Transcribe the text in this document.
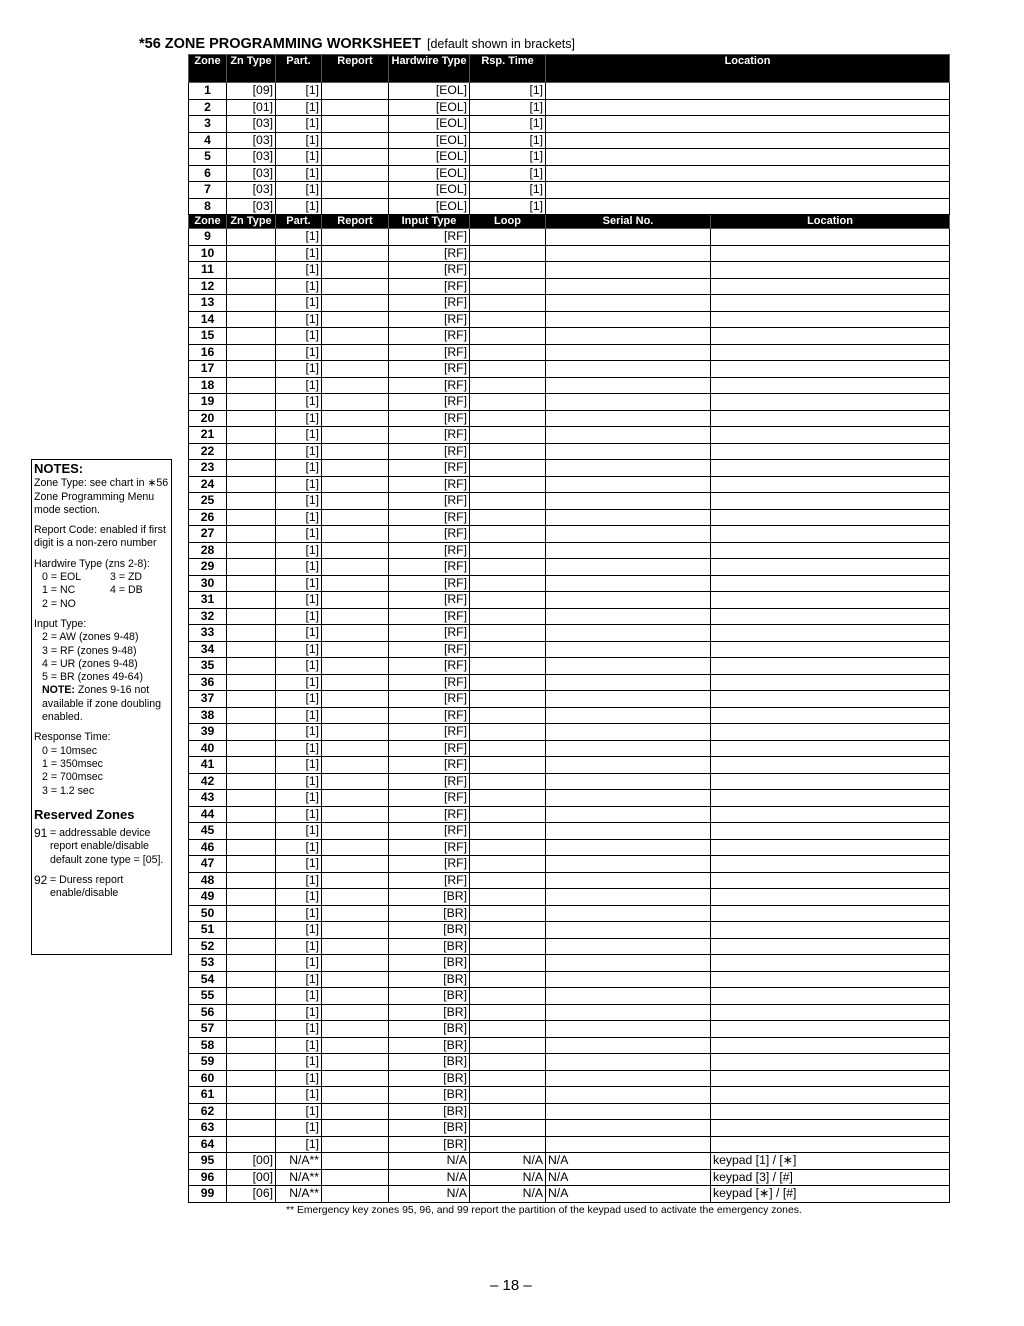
*56 ZONE PROGRAMMING WORKSHEET [default shown in brackets]
Zone	Zn Type	Part.	Report	Hardwire Type	Rsp. Time	Location	
1	[09]	[1]		[EOL]	[1]		
2	[01]	[1]		[EOL]	[1]		
3	[03]	[1]		[EOL]	[1]		
4	[03]	[1]		[EOL]	[1]		
5	[03]	[1]		[EOL]	[1]		
6	[03]	[1]		[EOL]	[1]		
7	[03]	[1]		[EOL]	[1]		
8	[03]	[1]		[EOL]	[1]		
Zone	Zn Type	Part.	Report	Input Type	Loop	Serial No.	Location
9		[1]		[RF]			
10		[1]		[RF]			
11		[1]		[RF]			
12		[1]		[RF]			
13		[1]		[RF]			
14		[1]		[RF]			
15		[1]		[RF]			
16		[1]		[RF]			
17		[1]		[RF]			
18		[1]		[RF]			
19		[1]		[RF]			
20		[1]		[RF]			
21		[1]		[RF]			
22		[1]		[RF]			
23		[1]		[RF]			
24		[1]		[RF]			
25		[1]		[RF]			
26		[1]		[RF]			
27		[1]		[RF]			
28		[1]		[RF]			
29		[1]		[RF]			
30		[1]		[RF]			
31		[1]		[RF]			
32		[1]		[RF]			
33		[1]		[RF]			
34		[1]		[RF]			
35		[1]		[RF]			
36		[1]		[RF]			
37		[1]		[RF]			
38		[1]		[RF]			
39		[1]		[RF]			
40		[1]		[RF]			
41		[1]		[RF]			
42		[1]		[RF]			
43		[1]		[RF]			
44		[1]		[RF]			
45		[1]		[RF]			
46		[1]		[RF]			
47		[1]		[RF]			
48		[1]		[RF]			
49		[1]		[BR]			
50		[1]		[BR]			
51		[1]		[BR]			
52		[1]		[BR]			
53		[1]		[BR]			
54		[1]		[BR]			
55		[1]		[BR]			
56		[1]		[BR]			
57		[1]		[BR]			
58		[1]		[BR]			
59		[1]		[BR]			
60		[1]		[BR]			
61		[1]		[BR]			
62		[1]		[BR]			
63		[1]		[BR]			
64		[1]		[BR]			
95	[00]	N/A**		N/A	N/A	N/A	keypad [1] / [∗]
96	[00]	N/A**		N/A	N/A	N/A	keypad [3] / [#]
99	[06]	N/A**		N/A	N/A	N/A	keypad [∗] / [#]
NOTES:

Zone Type: see chart in ∗56 Zone Programming Menu mode section.

Report Code: enabled if first digit is a non-zero number

Hardwire Type (zns 2-8):
0 = EOL	3 = ZD
1 = NC	4 = DB
2 = NO
Input Type:
2 = AW (zones 9-48)
3 = RF (zones 9-48)
4 = UR (zones 9-48)
5 = BR (zones 49-64)
NOTE: Zones 9-16 not available if zone doubling enabled.
Response Time:
0 = 10msec
1 = 350msec
2 = 700msec
3 = 1.2 sec
Reserved Zones
91 = addressable device report enable/disable default zone type = [05].
92 = Duress report enable/disable
** Emergency key zones 95, 96, and 99 report the partition of the keypad used to activate the emergency zones.
– 18 –
